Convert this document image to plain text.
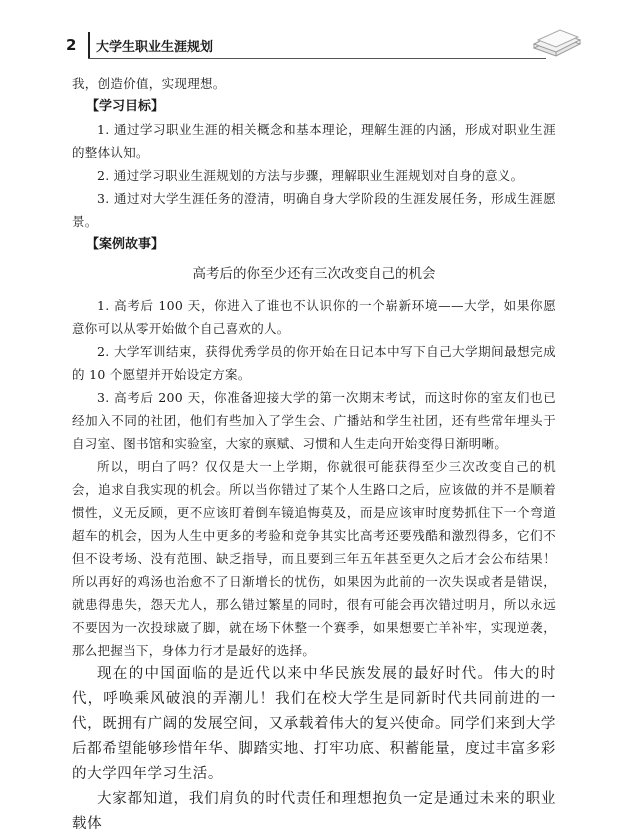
2 大学生职业生涯规划

我，创造价值，实现理想。

【学习目标】

1. 通过学习职业生涯的相关概念和基本理论，理解生涯的内涵，形成对职业生涯的整体认知。

2. 通过学习职业生涯规划的方法与步骤，理解职业生涯规划对自身的意义。

3. 通过对大学生涯任务的澄清，明确自身大学阶段的生涯发展任务，形成生涯愿景。

【案例故事】

高考后的你至少还有三次改变自己的机会

1. 高考后 100 天，你进入了谁也不认识你的一个崭新环境——大学，如果你愿意你可以从零开始做个自己喜欢的人。

2. 大学军训结束，获得优秀学员的你开始在日记本中写下自己大学期间最想完成的 10 个愿望并开始设定方案。

3. 高考后 200 天，你准备迎接大学的第一次期末考试，而这时你的室友们也已经加入不同的社团，他们有些加入了学生会、广播站和学生社团，还有些常年埋头于自习室、图书馆和实验室，大家的禀赋、习惯和人生走向开始变得日渐明晰。

所以，明白了吗？仅仅是大一上学期，你就很可能获得至少三次改变自己的机会，追求自我实现的机会。所以当你错过了某个人生路口之后，应该做的并不是顺着惯性，义无反顾，更不应该盯着倒车镜追悔莫及，而是应该审时度势抓住下一个弯道超车的机会，因为人生中更多的考验和竞争其实比高考还要残酷和激烈得多，它们不但不设考场、没有范围、缺乏指导，而且要到三年五年甚至更久之后才会公布结果！所以再好的鸡汤也治愈不了日渐增长的忧伤，如果因为此前的一次失误或者是错误，就患得患失，怨天尤人，那么错过繁星的同时，很有可能会再次错过明月，所以永远不要因为一次投球崴了脚，就在场下休整一个赛季，如果想要亡羊补牢，实现逆袭，那么把握当下，身体力行才是最好的选择。

现在的中国面临的是近代以来中华民族发展的最好时代。伟大的时代，呼唤乘风破浪的弄潮儿！我们在校大学生是同新时代共同前进的一代，既拥有广阔的发展空间，又承载着伟大的复兴使命。同学们来到大学后都希望能够珍惜年华、脚踏实地、打牢功底、积蓄能量，度过丰富多彩的大学四年学习生活。

大家都知道，我们肩负的时代责任和理想抱负一定是通过未来的职业载体
